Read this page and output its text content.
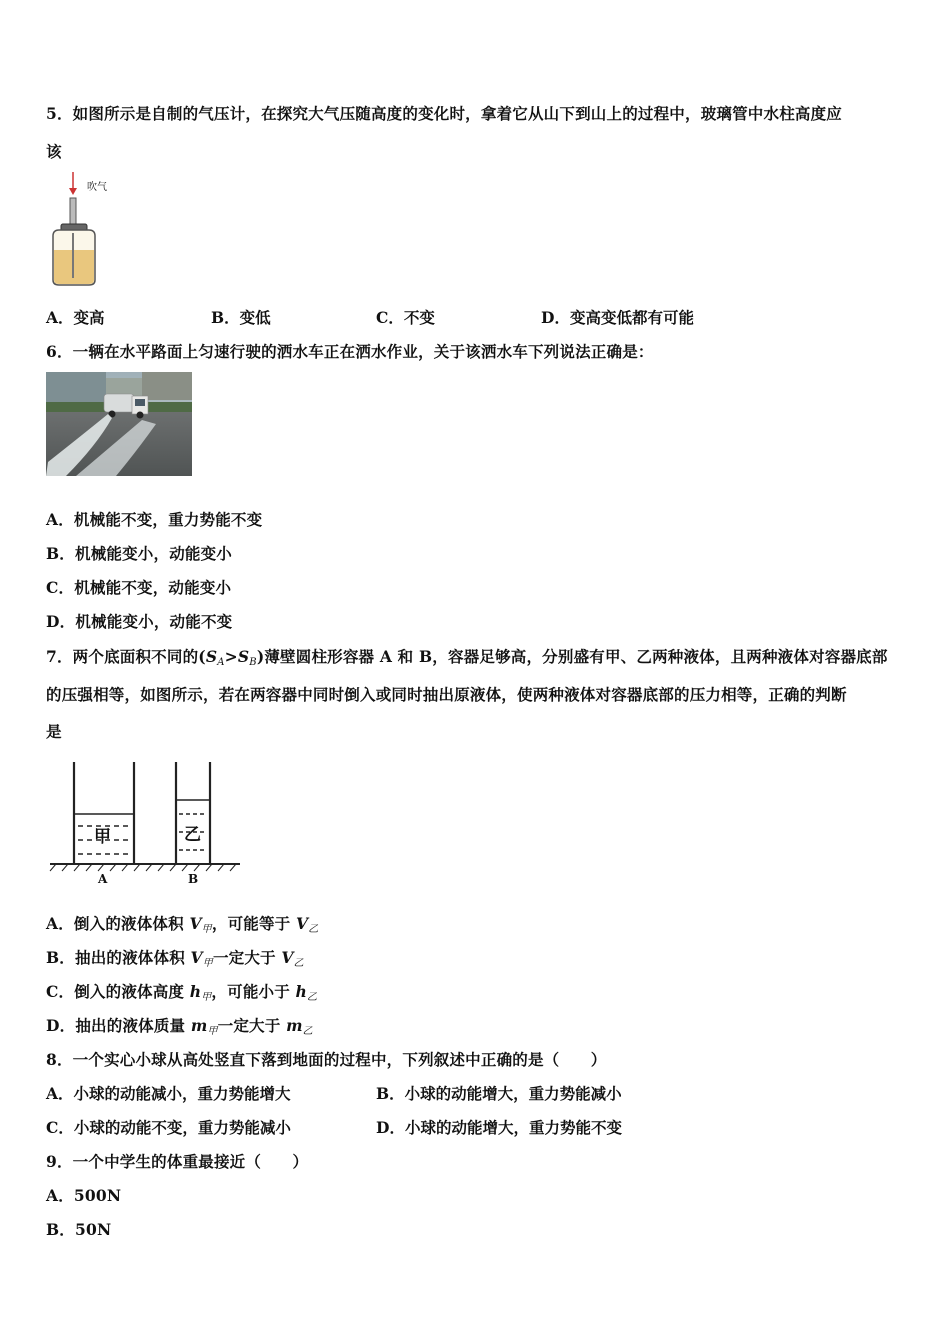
5．如图所示是自制的气压计，在探究大气压随高度的变化时，拿着它从山下到山上的过程中，玻璃管中水柱高度应
该
吹气
A．变高	B．变低	C．不变	D．变高变低都有可能
6．一辆在水平路面上匀速行驶的洒水车正在洒水作业，关于该洒水车下列说法正确是：
A．机械能不变，重力势能不变
B．机械能变小，动能变小
C．机械能不变，动能变小
D．机械能变小，动能不变
7．两个底面积不同的$(S_A>S_B)$薄壁圆柱形容器 A 和 B，容器足够高，分别盛有甲、乙两种液体，且两种液体对容器底部
的压强相等，如图所示，若在两容器中同时倒入或同时抽出原液体，使两种液体对容器底部的压力相等，正确的判断
是
甲	乙
A	B
A．倒入的液体体积 $V_甲$，可能等于 $V_乙$
B．抽出的液体体积 $V_甲$一定大于 $V_乙$
C．倒入的液体高度 $h_甲$，可能小于 $h_乙$
D．抽出的液体质量 $m_甲$一定大于 $m_乙$
8．一个实心小球从高处竖直下落到地面的过程中，下列叙述中正确的是（　　）
A．小球的动能减小，重力势能增大	B．小球的动能增大，重力势能减小
C．小球的动能不变，重力势能减小	D．小球的动能增大，重力势能不变
9．一个中学生的体重最接近（　　）
A．500N
B．50N
